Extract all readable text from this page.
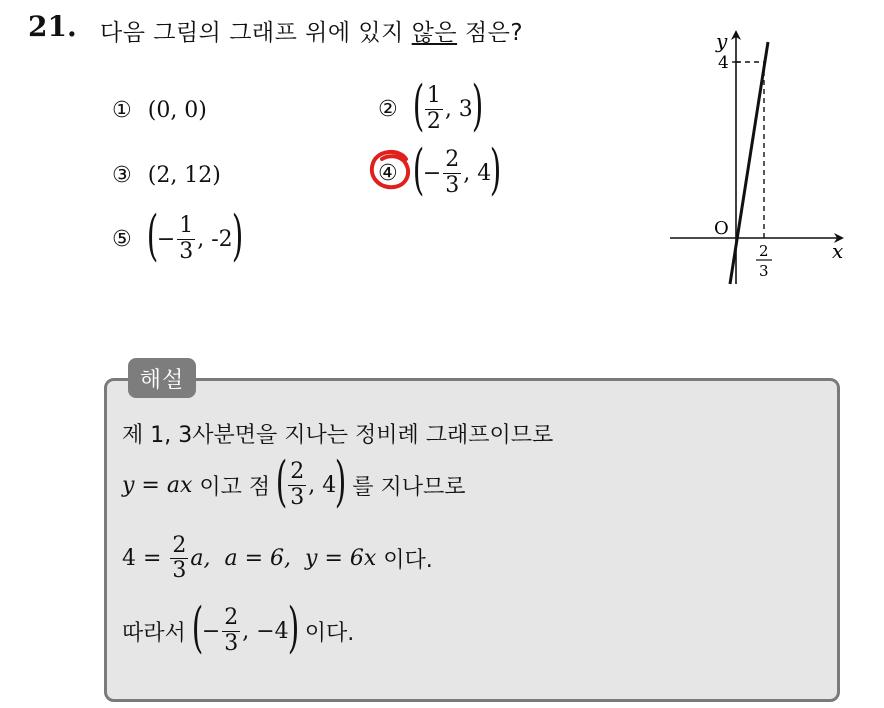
21. 다음 그림의 그래프 위에 있지 않은 점은?
① (0, 0)	② ( $\frac{1}{2}$ , 3
)
③ (2, 12)	④ (
− $\frac{2}{3}$ , 4
)
⑤ (
− $\frac{1}{3}$ , -2
)
y
x
O
4
2
3
해설
제 1, 3사분면을 지나는 정비례 그래프이므로
y = ax 이고 점
( $\frac{2}{3}$ , 4
)
를 지나므로
$4 = \frac{2}{3} a$,  a = 6,  y = 6x 이다.
따라서
(
− $\frac{2}{3}$ , −4
)
이다.
